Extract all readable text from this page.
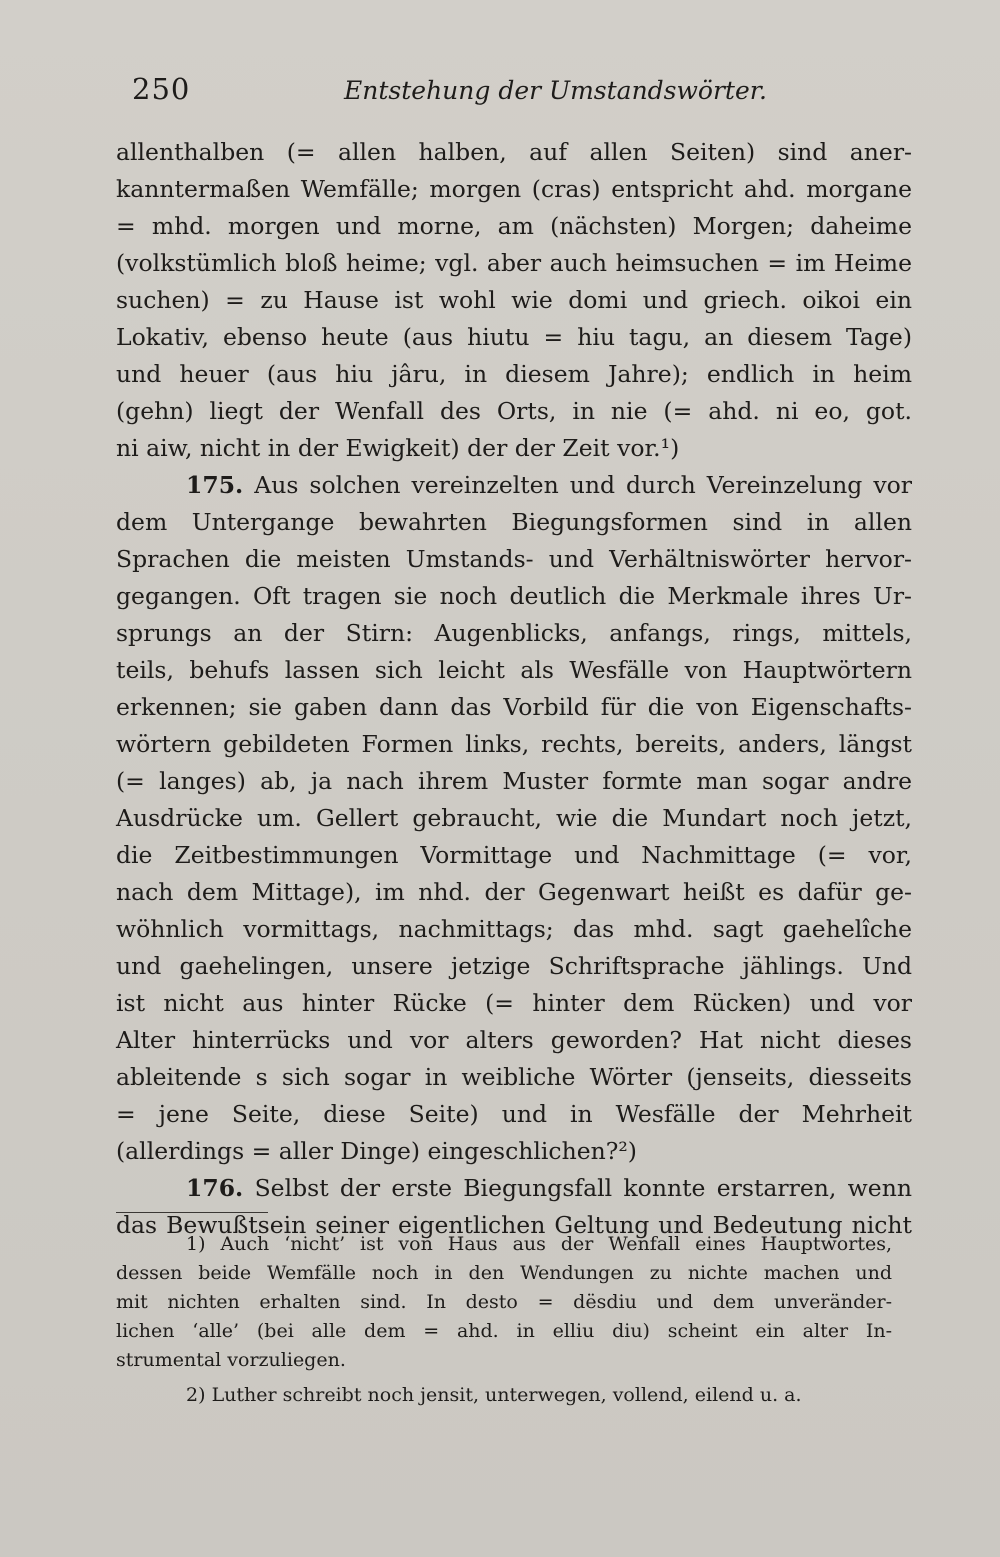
250	Entstehung der Umstandswörter.
allenthalben (= allen halben, auf allen Seiten) sind aner-
kanntermaßen Wemfälle; morgen (cras) entspricht ahd. morgane
= mhd. morgen und morne, am (nächsten) Morgen; daheime
(volkstümlich bloß heime; vgl. aber auch heimsuchen = im Heime
suchen) = zu Hause ist wohl wie domi und griech. oikoi ein
Lokativ, ebenso heute (aus hiutu = hiu tagu, an diesem Tage)
und heuer (aus hiu jâru, in diesem Jahre); endlich in heim
(gehn) liegt der Wenfall des Orts, in nie (= ahd. ni eo, got.
ni aiw, nicht in der Ewigkeit) der der Zeit vor.¹)
175. Aus solchen vereinzelten und durch Vereinzelung vor
dem Untergange bewahrten Biegungsformen sind in allen
Sprachen die meisten Umstands- und Verhältniswörter hervor-
gegangen. Oft tragen sie noch deutlich die Merkmale ihres Ur-
sprungs an der Stirn: Augenblicks, anfangs, rings, mittels,
teils, behufs lassen sich leicht als Wesfälle von Hauptwörtern
erkennen; sie gaben dann das Vorbild für die von Eigenschafts-
wörtern gebildeten Formen links, rechts, bereits, anders, längst
(= langes) ab, ja nach ihrem Muster formte man sogar andre
Ausdrücke um. Gellert gebraucht, wie die Mundart noch jetzt,
die Zeitbestimmungen Vormittage und Nachmittage (= vor,
nach dem Mittage), im nhd. der Gegenwart heißt es dafür ge-
wöhnlich vormittags, nachmittags; das mhd. sagt gaehelîche
und gaehelingen, unsere jetzige Schriftsprache jählings. Und
ist nicht aus hinter Rücke (= hinter dem Rücken) und vor
Alter hinterrücks und vor alters geworden? Hat nicht dieses
ableitende s sich sogar in weibliche Wörter (jenseits, diesseits
= jene Seite, diese Seite) und in Wesfälle der Mehrheit
(allerdings = aller Dinge) eingeschlichen?²)
176. Selbst der erste Biegungsfall konnte erstarren, wenn
das Bewußtsein seiner eigentlichen Geltung und Bedeutung nicht
1) Auch ‘nicht’ ist von Haus aus der Wenfall eines Hauptwortes,
dessen beide Wemfälle noch in den Wendungen zu nichte machen und
mit nichten erhalten sind. In desto = dësdiu und dem unveränder-
lichen ‘alle’ (bei alle dem = ahd. in elliu diu) scheint ein alter In-
strumental vorzuliegen.
2) Luther schreibt noch jensit, unterwegen, vollend, eilend u. a.
